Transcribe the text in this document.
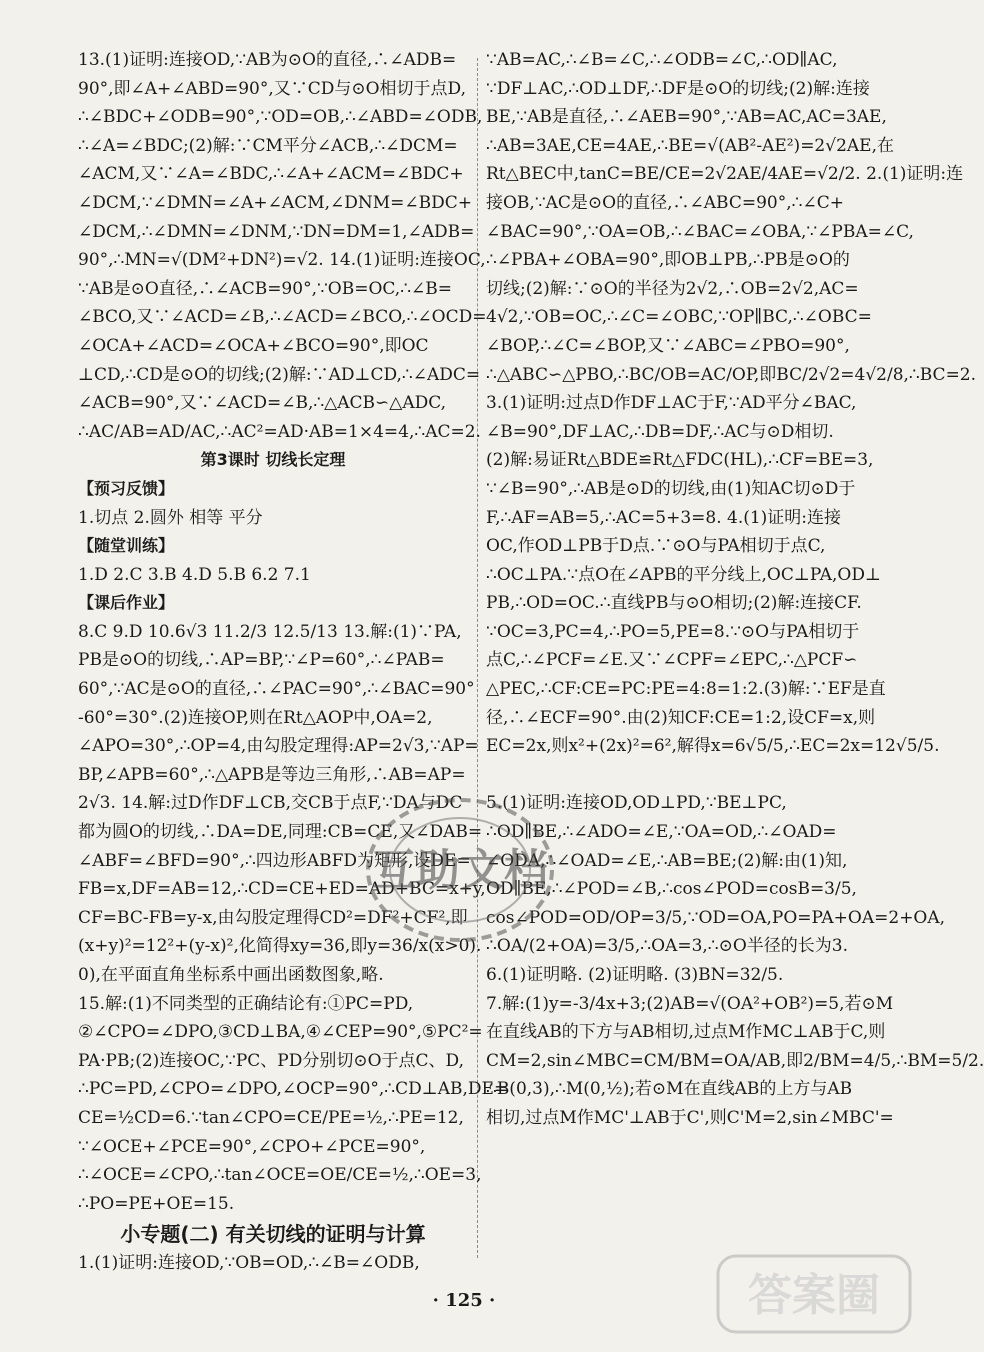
13.(1)证明:连接OD,∵AB为⊙O的直径,∴∠ADB=
90°,即∠A+∠ABD=90°,又∵CD与⊙O相切于点D,
∴∠BDC+∠ODB=90°,∵OD=OB,∴∠ABD=∠ODB,
∴∠A=∠BDC;(2)解:∵CM平分∠ACB,∴∠DCM=
∠ACM,又∵∠A=∠BDC,∴∠A+∠ACM=∠BDC+
∠DCM,∵∠DMN=∠A+∠ACM,∠DNM=∠BDC+
∠DCM,∴∠DMN=∠DNM,∵DN=DM=1,∠ADB=
90°,∴MN=√(DM²+DN²)=√2. 14.(1)证明:连接OC,
∵AB是⊙O直径,∴∠ACB=90°,∵OB=OC,∴∠B=
∠BCO,又∵∠ACD=∠B,∴∠ACD=∠BCO,∴∠OCD=
∠OCA+∠ACD=∠OCA+∠BCO=90°,即OC
⊥CD,∴CD是⊙O的切线;(2)解:∵AD⊥CD,∴∠ADC=
∠ACB=90°,又∵∠ACD=∠B,∴△ACB∽△ADC,
∴AC/AB=AD/AC,∴AC²=AD·AB=1×4=4,∴AC=2.
第3课时 切线长定理
【预习反馈】
1.切点 2.圆外 相等 平分
【随堂训练】
1.D 2.C 3.B 4.D 5.B 6.2 7.1
【课后作业】
8.C 9.D 10.6√3 11.2/3 12.5/13 13.解:(1)∵PA,
PB是⊙O的切线,∴AP=BP,∵∠P=60°,∴∠PAB=
60°,∵AC是⊙O的直径,∴∠PAC=90°,∴∠BAC=90°
-60°=30°.(2)连接OP,则在Rt△AOP中,OA=2,
∠APO=30°,∴OP=4,由勾股定理得:AP=2√3,∵AP=
BP,∠APB=60°,∴△APB是等边三角形,∴AB=AP=
2√3. 14.解:过D作DF⊥CB,交CB于点F,∵DA与DC
都为圆O的切线,∴DA=DE,同理:CB=CE,又∠DAB=
∠ABF=∠BFD=90°,∴四边形ABFD为矩形,设DE=
FB=x,DF=AB=12,∴CD=CE+ED=AD+BC=x+y,
CF=BC-FB=y-x,由勾股定理得CD²=DF²+CF²,即
(x+y)²=12²+(y-x)²,化简得xy=36,即y=36/x(x>0).
0),在平面直角坐标系中画出函数图象,略.
15.解:(1)不同类型的正确结论有:①PC=PD,
②∠CPO=∠DPO,③CD⊥BA,④∠CEP=90°,⑤PC²=
PA·PB;(2)连接OC,∵PC、PD分别切⊙O于点C、D,
∴PC=PD,∠CPO=∠DPO,∠OCP=90°,∴CD⊥AB,DE=
CE=½CD=6.∵tan∠CPO=CE/PE=½,∴PE=12,
∵∠OCE+∠PCE=90°,∠CPO+∠PCE=90°,
∴∠OCE=∠CPO,∴tan∠OCE=OE/CE=½,∴OE=3,
∴PO=PE+OE=15.
小专题(二) 有关切线的证明与计算
1.(1)证明:连接OD,∵OB=OD,∴∠B=∠ODB,
∵AB=AC,∴∠B=∠C,∴∠ODB=∠C,∴OD∥AC,
∵DF⊥AC,∴OD⊥DF,∴DF是⊙O的切线;(2)解:连接
BE,∵AB是直径,∴∠AEB=90°,∵AB=AC,AC=3AE,
∴AB=3AE,CE=4AE,∴BE=√(AB²-AE²)=2√2AE,在
Rt△BEC中,tanC=BE/CE=2√2AE/4AE=√2/2. 2.(1)证明:连
接OB,∵AC是⊙O的直径,∴∠ABC=90°,∴∠C+
∠BAC=90°,∵OA=OB,∴∠BAC=∠OBA,∵∠PBA=∠C,
∴∠PBA+∠OBA=90°,即OB⊥PB,∴PB是⊙O的
切线;(2)解:∵⊙O的半径为2√2,∴OB=2√2,AC=
4√2,∵OB=OC,∴∠C=∠OBC,∵OP∥BC,∴∠OBC=
∠BOP,∴∠C=∠BOP,又∵∠ABC=∠PBO=90°,
∴△ABC∽△PBO,∴BC/OB=AC/OP,即BC/2√2=4√2/8,∴BC=2.
3.(1)证明:过点D作DF⊥AC于F,∵AD平分∠BAC,
∠B=90°,DF⊥AC,∴DB=DF,∴AC与⊙D相切.
(2)解:易证Rt△BDE≌Rt△FDC(HL),∴CF=BE=3,
∵∠B=90°,∴AB是⊙D的切线,由(1)知AC切⊙D于
F,∴AF=AB=5,∴AC=5+3=8. 4.(1)证明:连接
OC,作OD⊥PB于D点.∵⊙O与PA相切于点C,
∴OC⊥PA.∵点O在∠APB的平分线上,OC⊥PA,OD⊥
PB,∴OD=OC.∴直线PB与⊙O相切;(2)解:连接CF.
∵OC=3,PC=4,∴PO=5,PE=8.∵⊙O与PA相切于
点C,∴∠PCF=∠E.又∵∠CPF=∠EPC,∴△PCF∽
△PEC,∴CF:CE=PC:PE=4:8=1:2.(3)解:∵EF是直
径,∴∠ECF=90°.由(2)知CF:CE=1:2,设CF=x,则
EC=2x,则x²+(2x)²=6²,解得x=6√5/5,∴EC=2x=12√5/5.

5.(1)证明:连接OD,OD⊥PD,∵BE⊥PC,
∴OD∥BE,∴∠ADO=∠E,∵OA=OD,∴∠OAD=
∠ODA,∴∠OAD=∠E,∴AB=BE;(2)解:由(1)知,
OD∥BE,∴∠POD=∠B,∴cos∠POD=cosB=3/5,
cos∠POD=OD/OP=3/5,∵OD=OA,PO=PA+OA=2+OA,
∴OA/(2+OA)=3/5,∴OA=3,∴⊙O半径的长为3.
6.(1)证明略. (2)证明略. (3)BN=32/5.
7.解:(1)y=-3/4x+3;(2)AB=√(OA²+OB²)=5,若⊙M
在直线AB的下方与AB相切,过点M作MC⊥AB于C,则
CM=2,sin∠MBC=CM/BM=OA/AB,即2/BM=4/5,∴BM=5/2.
∴B(0,3),∴M(0,½);若⊙M在直线AB的上方与AB
相切,过点M作MC'⊥AB于C',则C'M=2,sin∠MBC'=
互助文档
答案圈
· 125 ·
